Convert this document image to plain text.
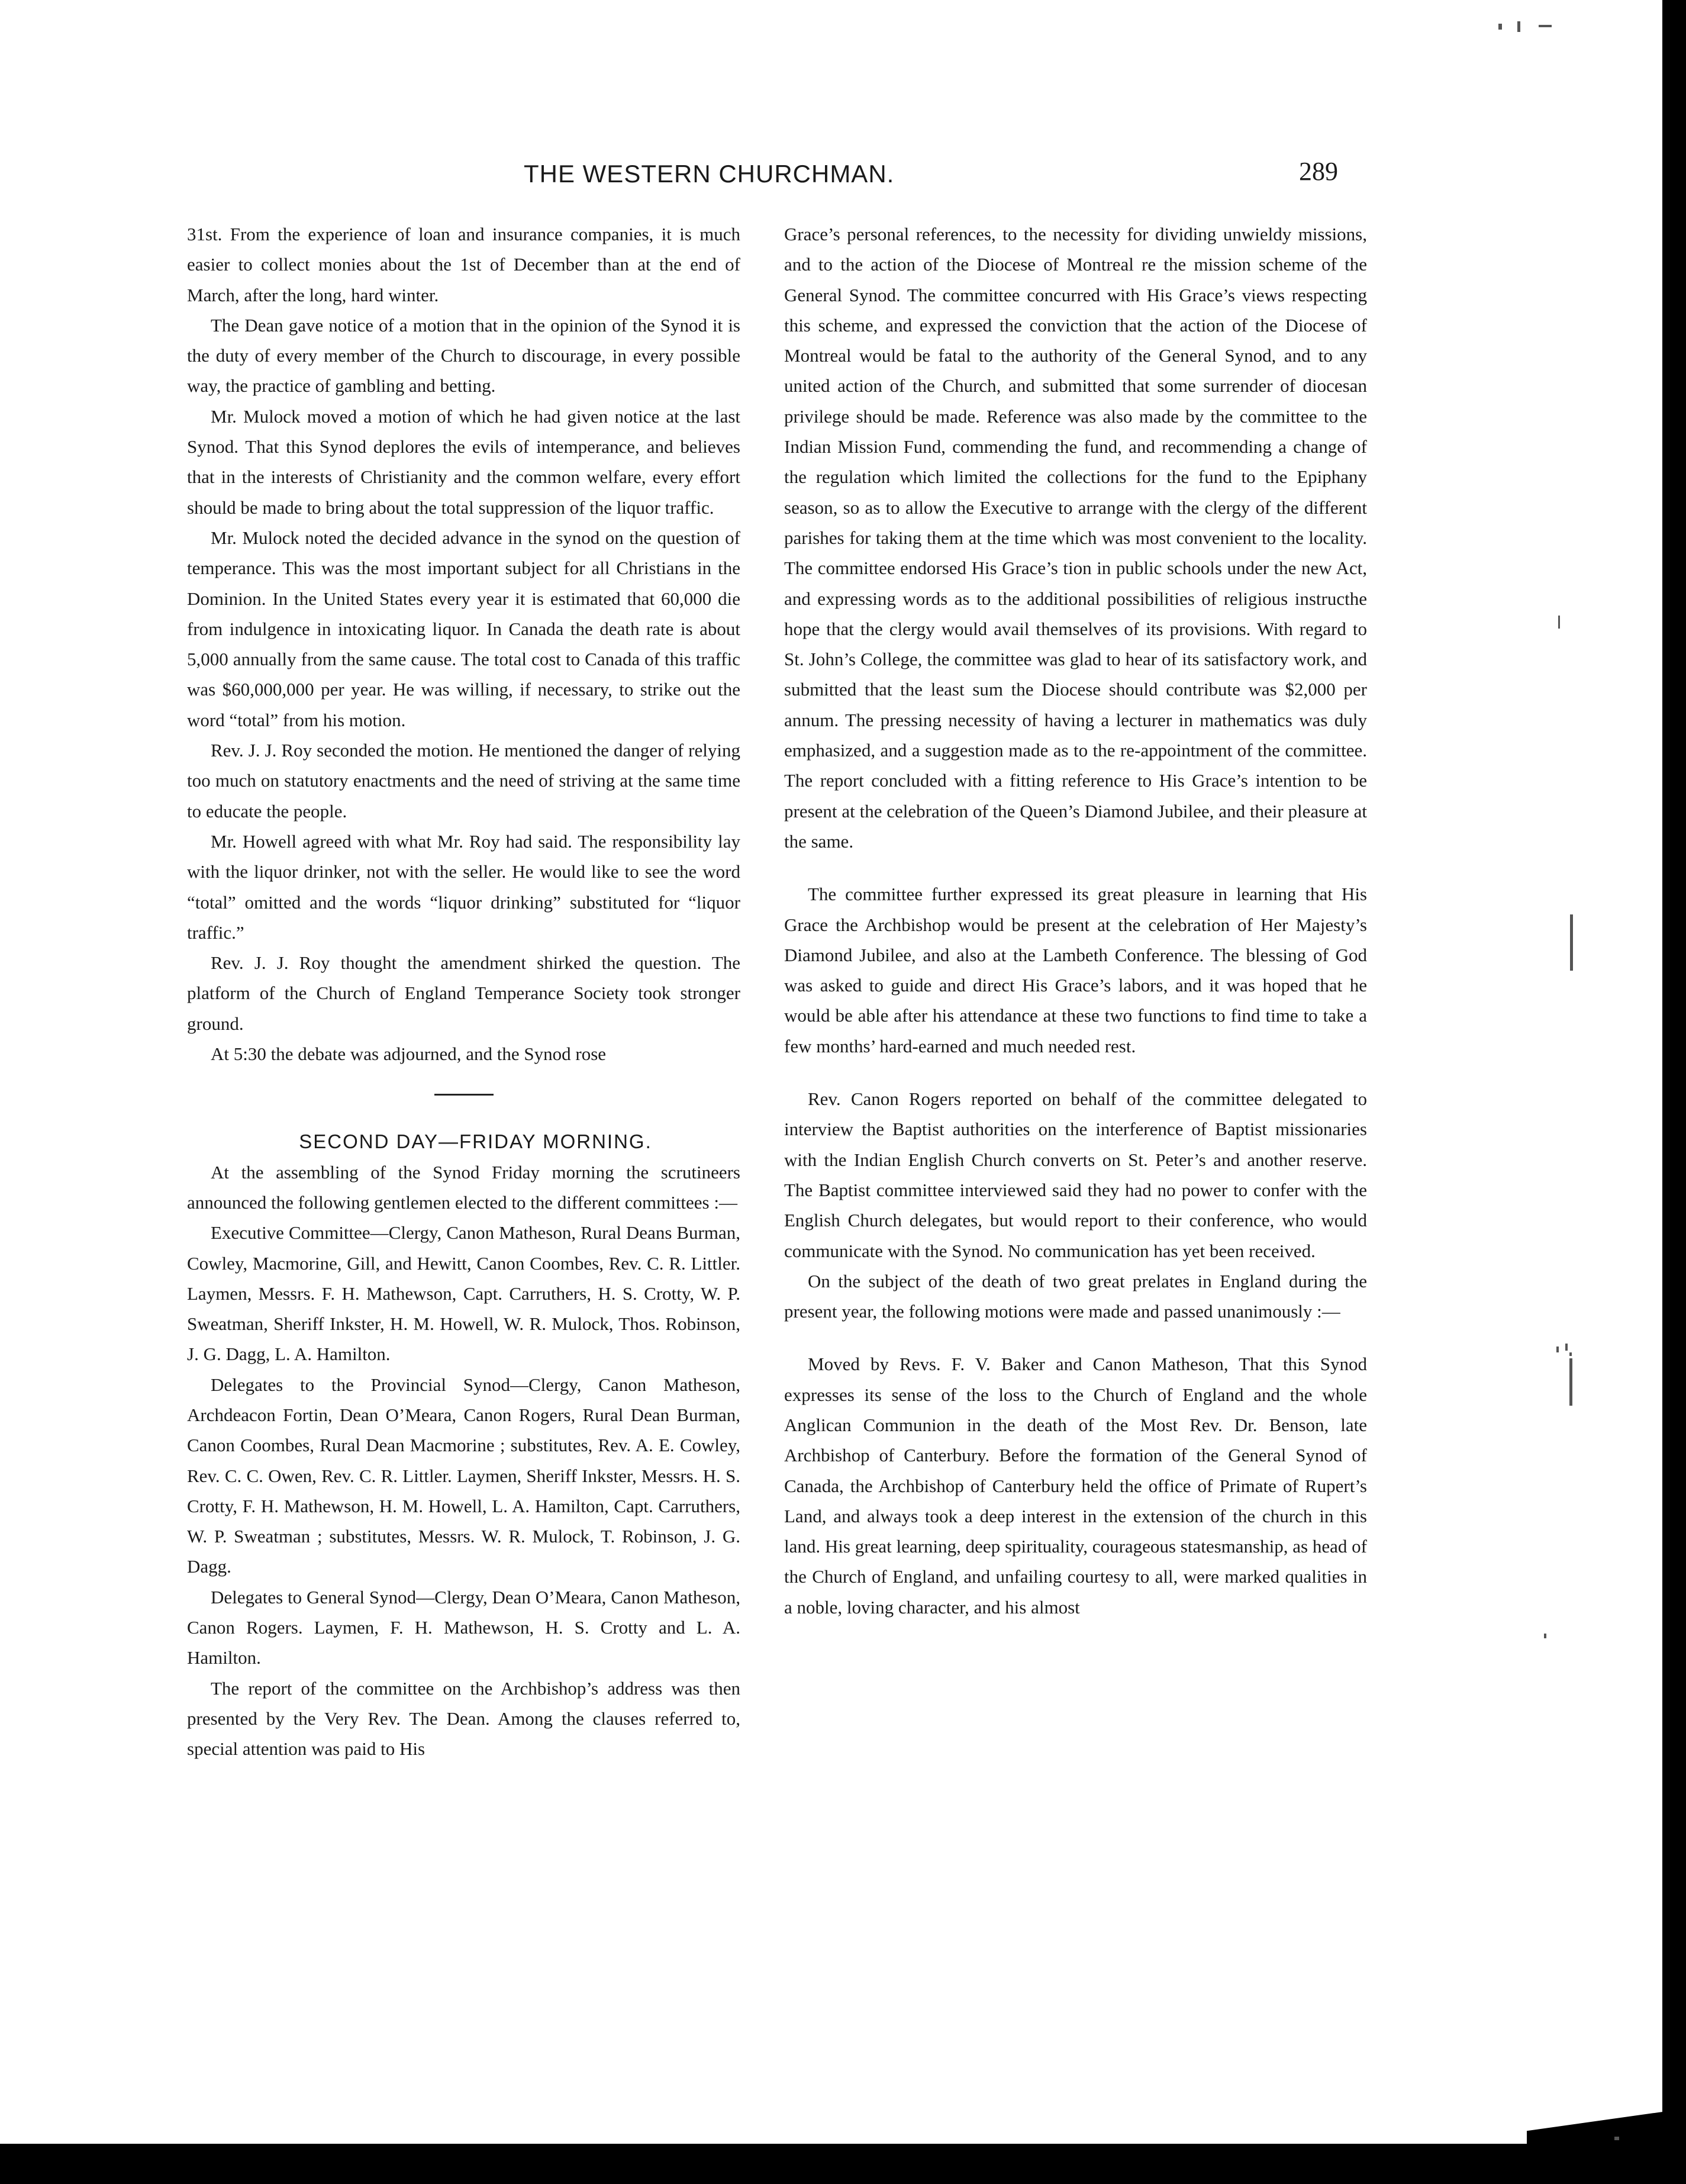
THE WESTERN CHURCHMAN.	289

31st. From the experience of loan and insurance companies, it is much easier to collect monies about the 1st of December than at the end of March, after the long, hard winter.

The Dean gave notice of a motion that in the opinion of the Synod it is the duty of every member of the Church to discourage, in every possible way, the practice of gambling and betting.

Mr. Mulock moved a motion of which he had given notice at the last Synod. That this Synod deplores the evils of intemperance, and believes that in the interests of Christianity and the common welfare, every effort should be made to bring about the total suppression of the liquor traffic.

Mr. Mulock noted the decided advance in the synod on the question of temperance. This was the most important subject for all Christians in the Dominion. In the United States every year it is estimated that 60,000 die from indulgence in intoxicating liquor. In Canada the death rate is about 5,000 annually from the same cause. The total cost to Canada of this traffic was $60,000,000 per year. He was willing, if necessary, to strike out the word “total” from his motion.

Rev. J. J. Roy seconded the motion. He mentioned the danger of relying too much on statutory enactments and the need of striving at the same time to educate the people.

Mr. Howell agreed with what Mr. Roy had said. The responsibility lay with the liquor drinker, not with the seller. He would like to see the word “total” omitted and the words “liquor drinking” substituted for “liquor traffic.”

Rev. J. J. Roy thought the amendment shirked the question. The platform of the Church of England Temperance Society took stronger ground.

At 5:30 the debate was adjourned, and the Synod rose

SECOND DAY—FRIDAY MORNING.

At the assembling of the Synod Friday morning the scrutineers announced the following gentlemen elected to the different committees :—

Executive Committee—Clergy, Canon Matheson, Rural Deans Burman, Cowley, Macmorine, Gill, and Hewitt, Canon Coombes, Rev. C. R. Littler. Laymen, Messrs. F. H. Mathewson, Capt. Carruthers, H. S. Crotty, W. P. Sweatman, Sheriff Inkster, H. M. Howell, W. R. Mulock, Thos. Robinson, J. G. Dagg, L. A. Hamilton.

Delegates to the Provincial Synod—Clergy, Canon Matheson, Archdeacon Fortin, Dean O’Meara, Canon Rogers, Rural Dean Burman, Canon Coombes, Rural Dean Macmorine ; substitutes, Rev. A. E. Cowley, Rev. C. C. Owen, Rev. C. R. Littler. Laymen, Sheriff Inkster, Messrs. H. S. Crotty, F. H. Mathewson, H. M. Howell, L. A. Hamilton, Capt. Carruthers, W. P. Sweatman ; substitutes, Messrs. W. R. Mulock, T. Robinson, J. G. Dagg.

Delegates to General Synod—Clergy, Dean O’Meara, Canon Matheson, Canon Rogers. Laymen, F. H. Mathewson, H. S. Crotty and L. A. Hamilton.

The report of the committee on the Archbishop’s address was then presented by the Very Rev. The Dean. Among the clauses referred to, special attention was paid to His

Grace’s personal references, to the necessity for dividing unwieldy missions, and to the action of the Diocese of Montreal re the mission scheme of the General Synod. The committee concurred with His Grace’s views respecting this scheme, and expressed the conviction that the action of the Diocese of Montreal would be fatal to the authority of the General Synod, and to any united action of the Church, and submitted that some surrender of diocesan privilege should be made. Reference was also made by the committee to the Indian Mission Fund, commending the fund, and recommending a change of the regulation which limited the collections for the fund to the Epiphany season, so as to allow the Executive to arrange with the clergy of the different parishes for taking them at the time which was most convenient to the locality. The committee endorsed His Grace’s tion in public schools under the new Act, and expressing words as to the additional possibilities of religious instructhe hope that the clergy would avail themselves of its provisions. With regard to St. John’s College, the committee was glad to hear of its satisfactory work, and submitted that the least sum the Diocese should contribute was $2,000 per annum. The pressing necessity of having a lecturer in mathematics was duly emphasized, and a suggestion made as to the re-appointment of the committee. The report concluded with a fitting reference to His Grace’s intention to be present at the celebration of the Queen’s Diamond Jubilee, and their pleasure at the same.

The committee further expressed its great pleasure in learning that His Grace the Archbishop would be present at the celebration of Her Majesty’s Diamond Jubilee, and also at the Lambeth Conference. The blessing of God was asked to guide and direct His Grace’s labors, and it was hoped that he would be able after his attendance at these two functions to find time to take a few months’ hard-earned and much needed rest.

Rev. Canon Rogers reported on behalf of the committee delegated to interview the Baptist authorities on the interference of Baptist missionaries with the Indian English Church converts on St. Peter’s and another reserve. The Baptist committee interviewed said they had no power to confer with the English Church delegates, but would report to their conference, who would communicate with the Synod. No communication has yet been received.

On the subject of the death of two great prelates in England during the present year, the following motions were made and passed unanimously :—

Moved by Revs. F. V. Baker and Canon Matheson, That this Synod expresses its sense of the loss to the Church of England and the whole Anglican Communion in the death of the Most Rev. Dr. Benson, late Archbishop of Canterbury. Before the formation of the General Synod of Canada, the Archbishop of Canterbury held the office of Primate of Rupert’s Land, and always took a deep interest in the extension of the church in this land. His great learning, deep spirituality, courageous statesmanship, as head of the Church of England, and unfailing courtesy to all, were marked qualities in a noble, loving character, and his almost
